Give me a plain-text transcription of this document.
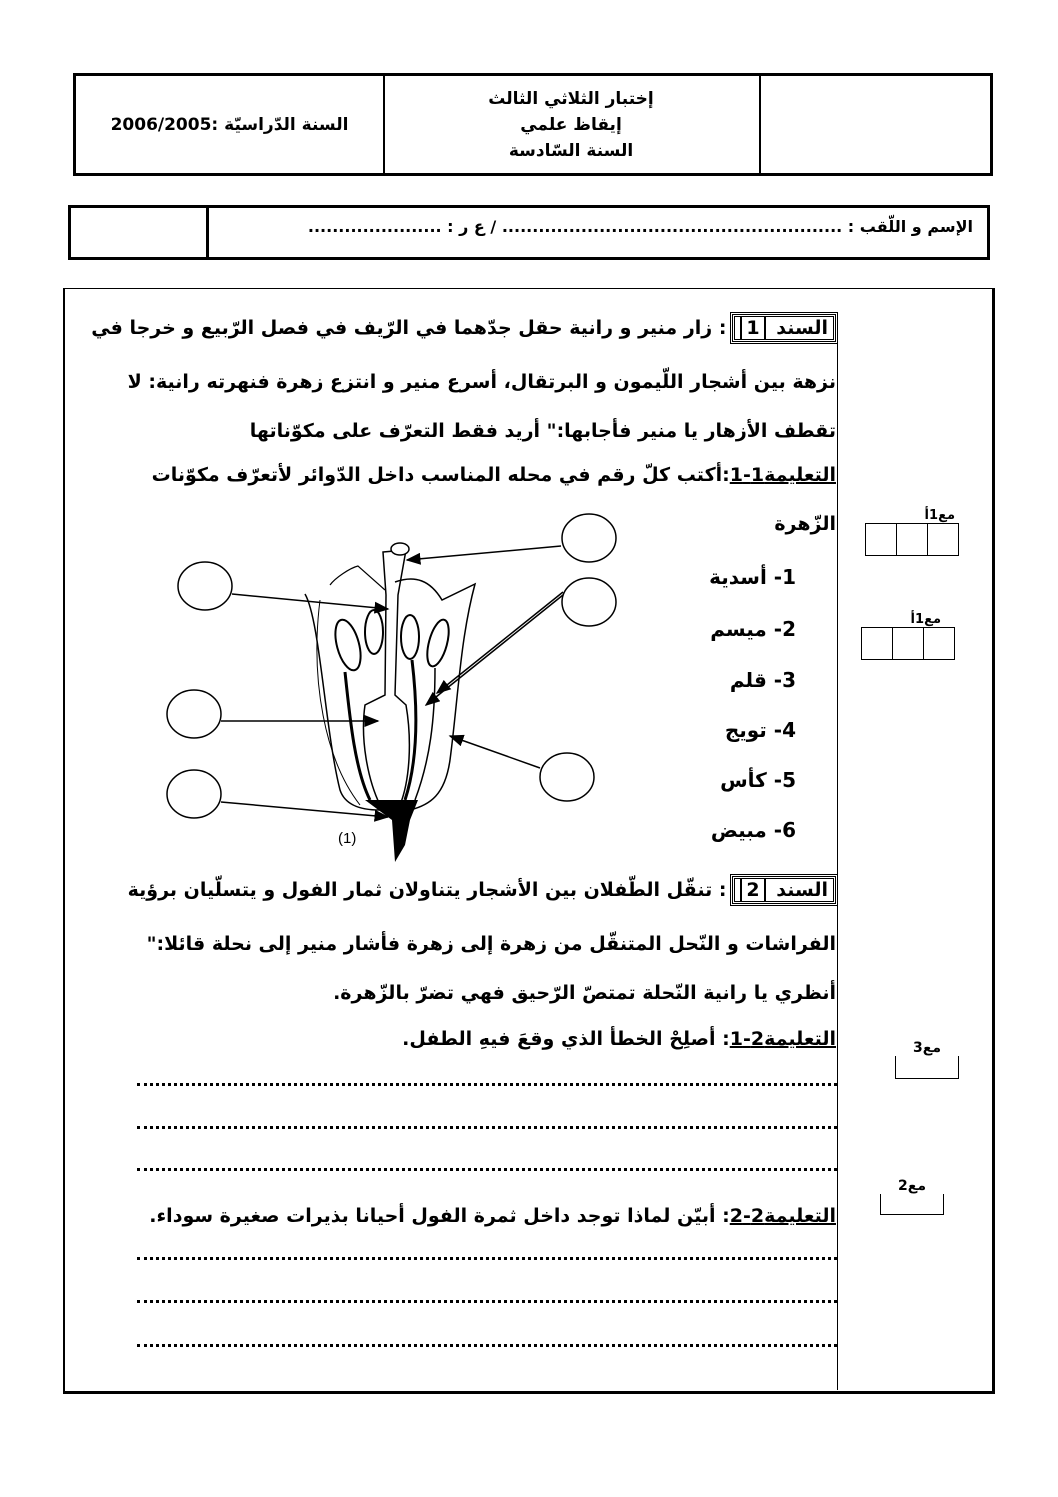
السنة الدّراسيّة :2006/2005
إختبار الثلاثي الثالث
إيقاظ علمي
السنة السّادسة
الإسم و اللّقب : ........................................................ / ع ر : ......................
السند 1: زار منير و رانية حقل جدّهما في الرّيف في فصل الرّبيع و خرجا في
نزهة بين أشجار اللّيمون و البرتقال، أسرع منير و انتزع زهرة فنهرته رانية: لا
تقطف الأزهار يا منير فأجابها:" أريد فقط التعرّف على مكوّناتها
التعليمة1-1:أكتب كلّ رقم في محله المناسب داخل الدّوائر لأتعرّف مكوّنات
الزّهرة
1- أسدية
2- ميسم
3- قلم
4- تويج
5- كأس
6- مبيض
(1)
مع1أ
مع1أ
مع3
مع2
السند 2: تنقّل الطّفلان بين الأشجار يتناولان ثمار الفول و يتسلّيان برؤية
الفراشات و النّحل المتنقّل من زهرة إلى زهرة فأشار منير إلى نحلة قائلا:"
أنظري يا رانية النّحلة تمتصّ الرّحيق فهي تضرّ بالزّهرة.
التعليمة2-1: أصلِحْ الخطأ الذي وقعَ فيهِ الطفل.
التعليمة2-2: أبيّن لماذا توجد داخل ثمرة الفول أحيانا بذيرات صغيرة سوداء.
